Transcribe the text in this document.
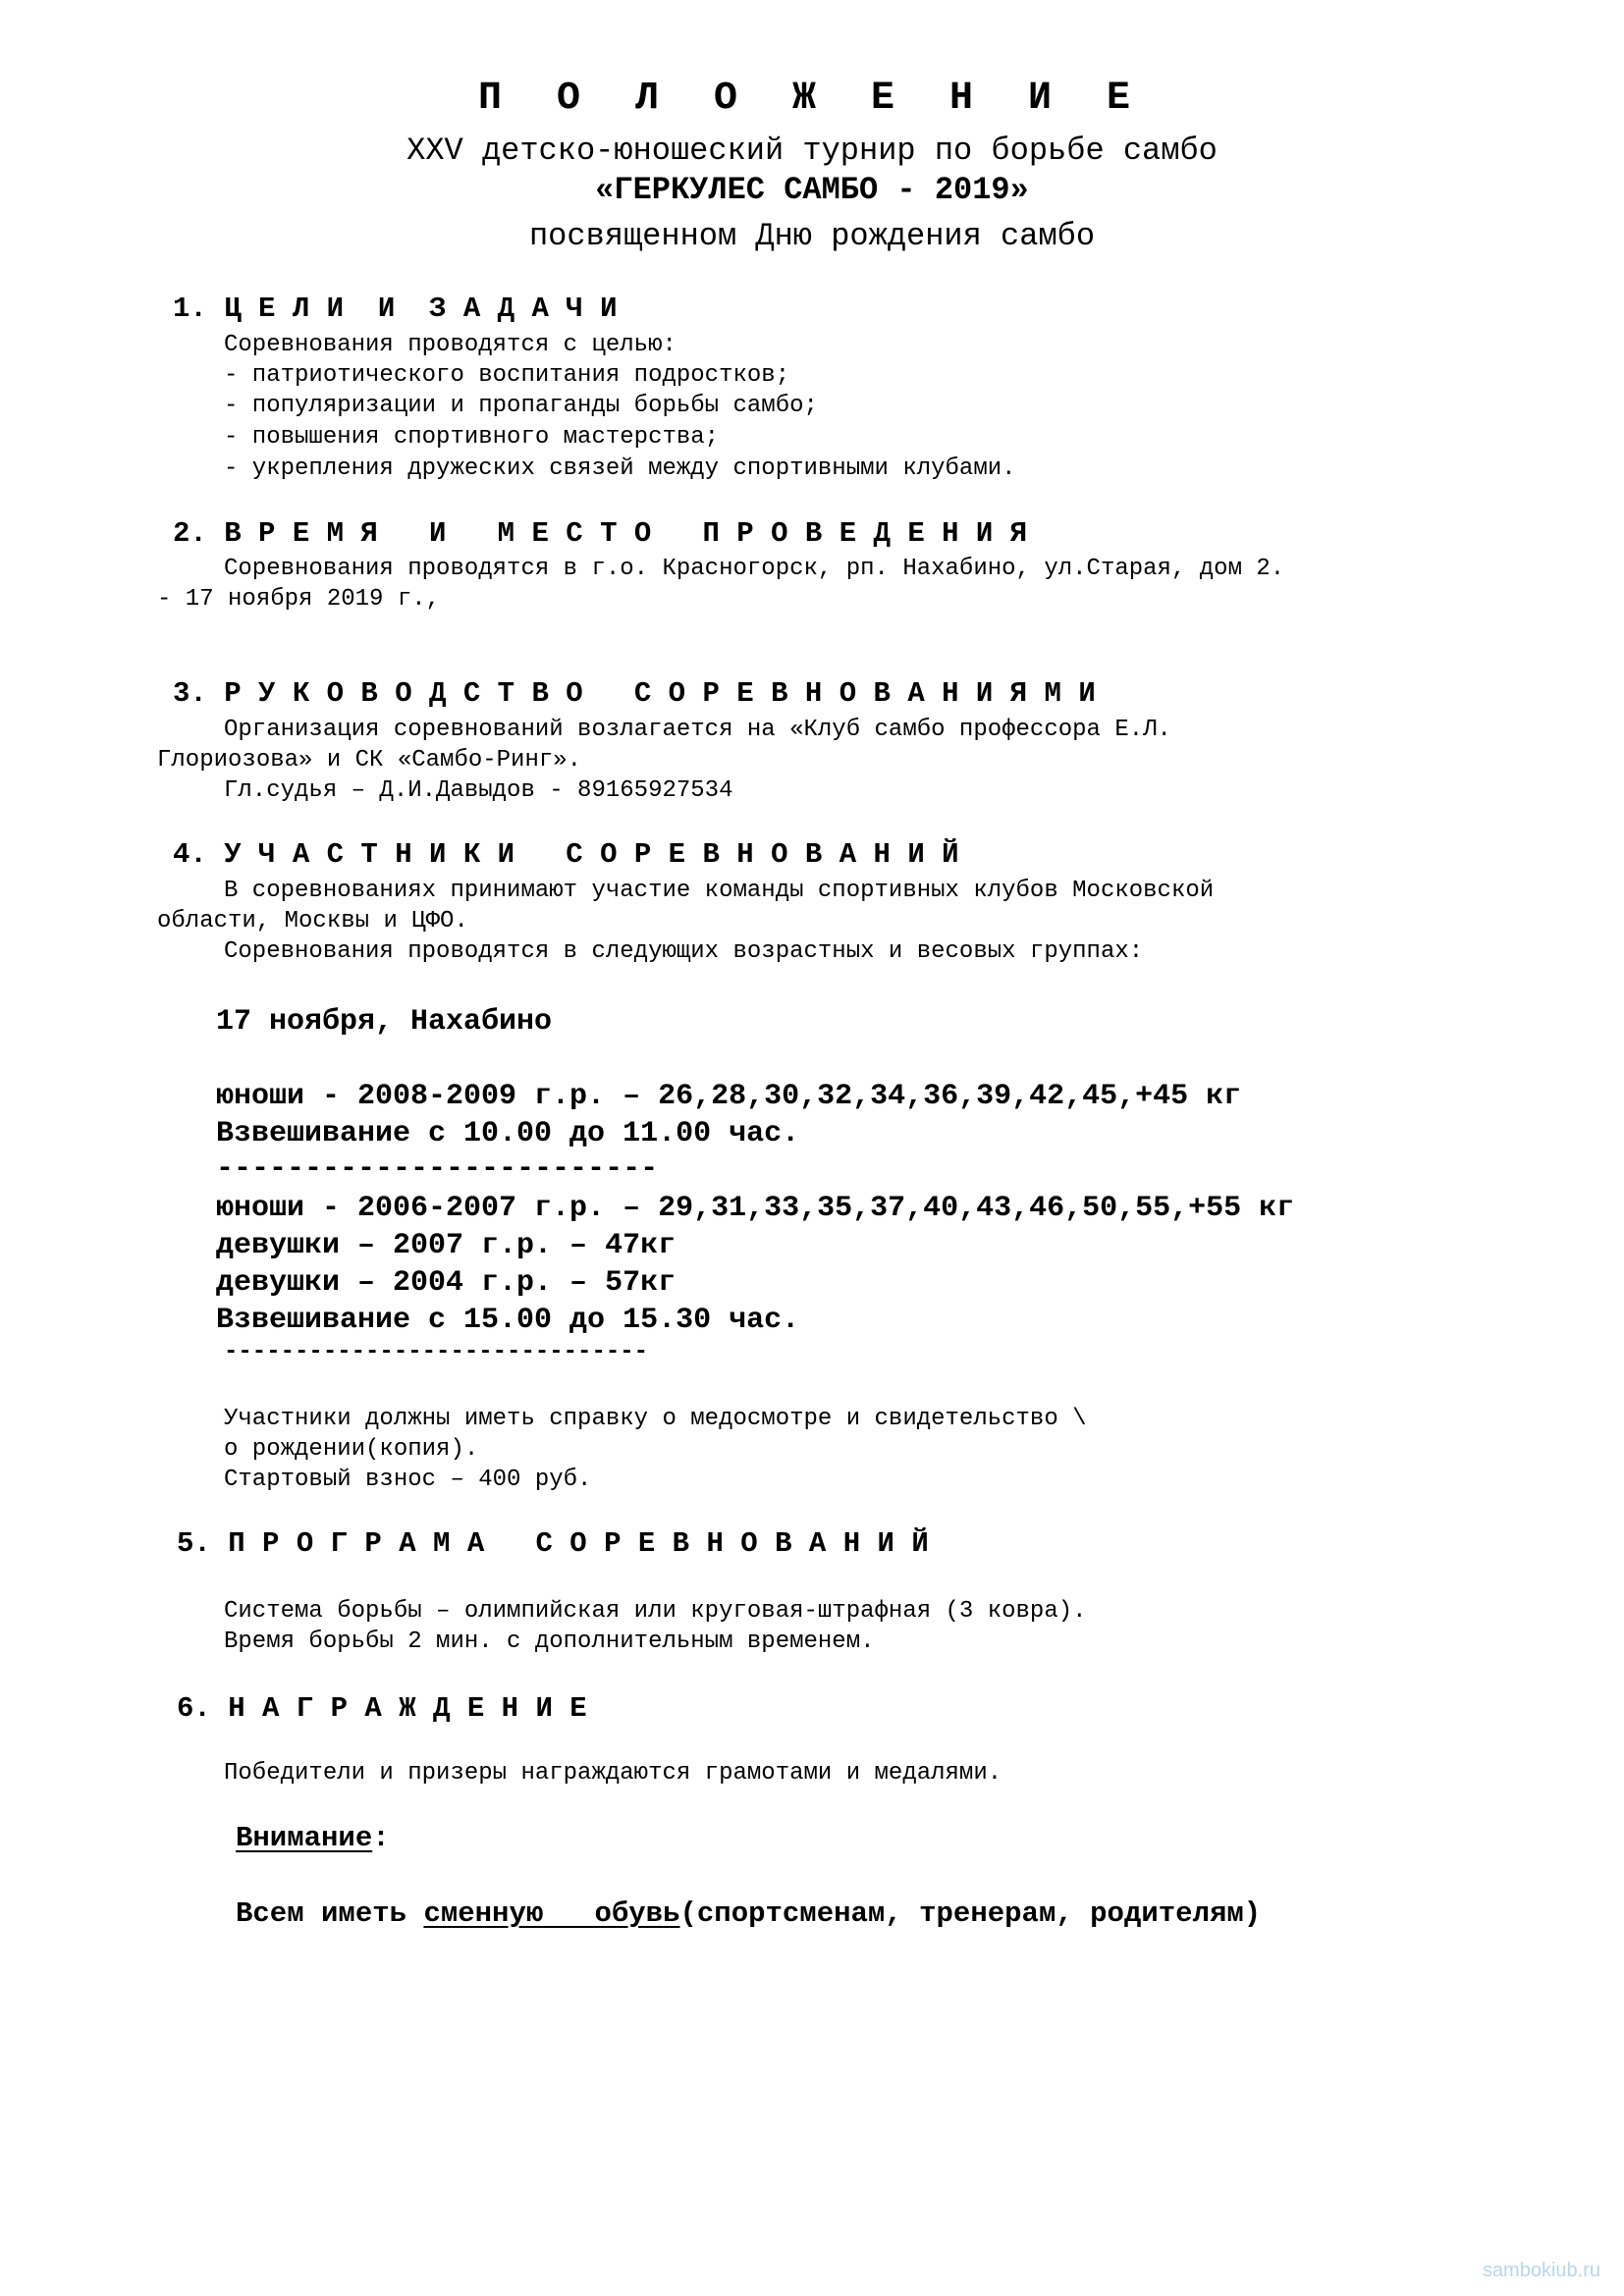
П О Л О Ж Е Н И Е
XXV детско-юношеский турнир по борьбе самбо
«ГЕРКУЛЕС САМБО - 2019»
посвященном Дню рождения самбо
1. Ц Е Л И  И  З А Д А Ч И
Соревнования проводятся с целью:
- патриотического воспитания подростков;
- популяризации и пропаганды борьбы самбо;
- повышения спортивного мастерства;
- укрепления дружеских связей между спортивными клубами.
2. В Р Е М Я   И   М Е С Т О   П Р О В Е Д Е Н И Я
Соревнования проводятся в г.о. Красногорск, рп. Нахабино, ул.Старая, дом 2.
- 17 ноября 2019 г.,
3. Р У К О В О Д С Т В О   С О Р Е В Н О В А Н И Я М И
Организация соревнований возлагается на «Клуб самбо профессора Е.Л.
Глориозова» и СК «Самбо-Ринг».
Гл.судья – Д.И.Давыдов - 89165927534
4. У Ч А С Т Н И К И   С О Р Е В Н О В А Н И Й
В соревнованиях принимают участие команды спортивных клубов Московской
области, Москвы и ЦФО.
Соревнования проводятся в следующих возрастных и весовых группах:
17 ноября, Нахабино
юноши - 2008-2009 г.р. – 26,28,30,32,34,36,39,42,45,+45 кг
Взвешивание с 10.00 до 11.00 час.
-------------------------
юноши - 2006-2007 г.р. – 29,31,33,35,37,40,43,46,50,55,+55 кг
девушки – 2007 г.р. – 47кг
девушки – 2004 г.р. – 57кг
Взвешивание с 15.00 до 15.30 час.
------------------------------
Участники должны иметь справку о медосмотре и свидетельство \
о рождении(копия).
Стартовый взнос – 400 руб.
5. П Р О Г Р А М А   С О Р Е В Н О В А Н И Й
Система борьбы – олимпийская или круговая-штрафная (3 ковра).
Время борьбы 2 мин. с дополнительным временем.
6. Н А Г Р А Ж Д Е Н И Е
Победители и призеры награждаются грамотами и медалями.
Внимание:
Всем иметь сменную   обувь(спортсменам, тренерам, родителям)
sambokiub.ru
